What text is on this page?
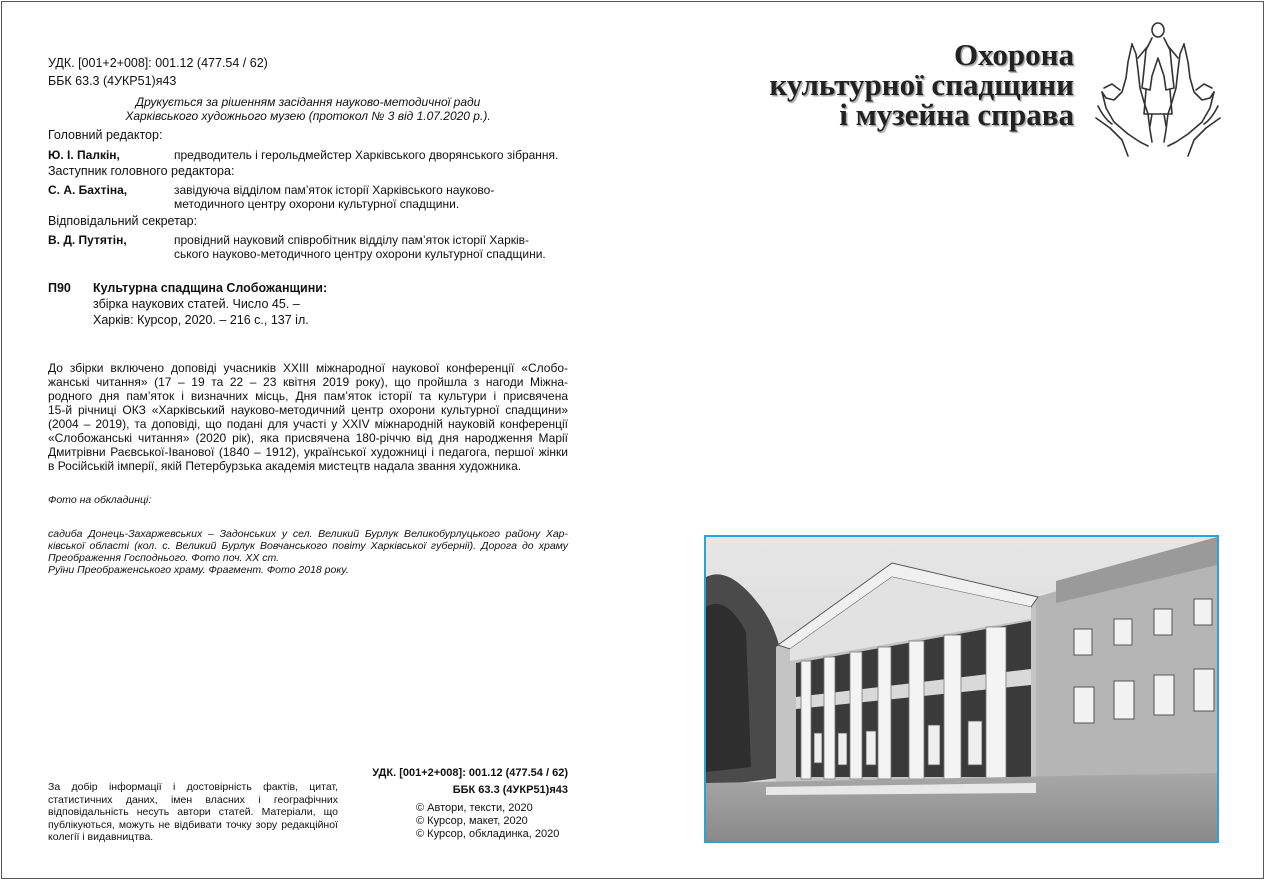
УДК. [001+2+008]: 001.12 (477.54 / 62)

ББК 63.3 (4УКР51)я43

Друкується за рішенням засідання науково-методичної ради
Харківського художнього музею (протокол № 3 від 1.07.2020 р.).

Головний редактор:

Ю. І. Палкін,	предводитель і герольдмейстер Харківського дворянського зібрання.

Заступник головного редактора:

С. А. Бахтіна,	завідуюча відділом пам’яток історії Харківського науково-

методичного центру охорони культурної спадщини.

Відповідальний секретар:

В. Д. Путятін,	провідний науковий співробітник відділу пам’яток історії Харків-

ського науково-методичного центру охорони культурної спадщини.

П90 Культурна спадщина Слобожанщини:

збірка наукових статей. Число 45. –

Харків: Курсор, 2020. – 216 с., 137 іл.

До збірки включено доповіді учасників XXIII міжнародної наукової конференції «Слобо-
жанські читання» (17 – 19 та 22 – 23 квітня 2019 року), що пройшла з нагоди Міжна-
родного дня пам’яток і визначних місць, Дня пам’яток історії та культури і присвячена
15-й річниці ОКЗ «Харківський науково-методичний центр охорони культурної спадщини»
(2004 – 2019), та доповіді, що подані для участі у XXIV міжнародній науковій конференції
«Слобожанські читання» (2020 рік), яка присвячена 180-річчю від дня народження Марії
Дмитрівни Раєвської-Іванової (1840 – 1912), української художниці і педагога, першої жінки
в Російській імперії, якій Петербурзька академія мистецтв надала звання художника.

Фото на обкладинці:

садиба Донець-Захаржевських – Задонських у сел. Великий Бурлук Великобурлуцького району Хар-
ківської області (кол. с. Великий Бурлук Вовчанського повіту Харківської губернії). Дорога до храму
Преображення Господнього. Фото поч. XX ст.
Руїни Преображенського храму. Фрагмент. Фото 2018 року.
За добір інформації і достовірність фактів, цитат,
статистичних даних, імен власних і географічних
відповідальність несуть автори статей. Матеріали, що
публікуються, можуть не відбивати точку зору редакційної
колегії і видавництва.

УДК. [001+2+008]: 001.12 (477.54 / 62)

ББК 63.3 (4УКР51)я43

© Автори, тексти, 2020
© Курсор, макет, 2020
© Курсор, обкладинка, 2020
Охорона
культурної спадщини
і музейна справа
